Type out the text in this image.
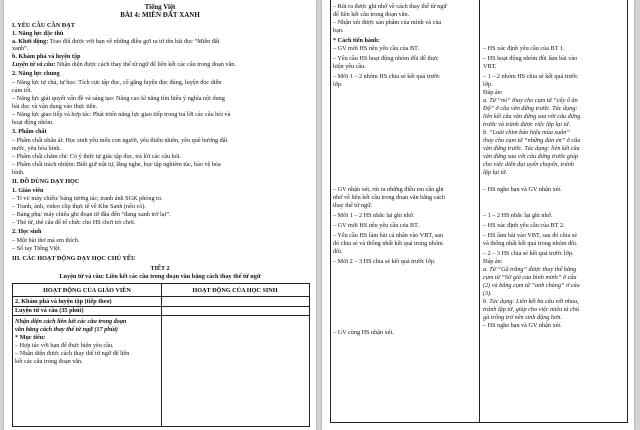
Tiếng Việt
BÀI 4: MIỀN ĐẤT XANH
I. YÊU CẦU CẦN ĐẠT
1. Năng lực đặc thù
a. Khởi động: Trao đổi được với bạn về những điều gợi ra từ tên bài đọc “Miền đất
xanh”.
b. Khám phá và luyện tập
Luyện từ và câu: Nhận diện được cách thay thế từ ngữ để liên kết các câu trong đoạn văn.
2. Năng lực chung
– Năng lực tự chủ, tự học: Tích cực tập đọc, cố gắng luyện đọc đúng, luyện đọc diễn
cảm tốt.
– Năng lực giải quyết vấn đề và sáng tạo: Nâng cao kĩ năng tìm hiểu ý nghĩa nội dung
bài đọc và vận dụng vào thực tiễn.
– Năng lực giao tiếp và hợp tác: Phát triển năng lực giao tiếp trong trả lời các câu hỏi và
hoạt động nhóm.
3. Phẩm chất
– Phẩm chất nhân ái: Học sinh yêu mến con người, yêu thiên nhiên, yêu quê hương đất
nước, yêu hòa bình.
– Phẩm chất chăm chỉ: Có ý thức tự giác tập đọc, trả lời các câu hỏi.
– Phẩm chất trách nhiệm: Biết giữ trật tự, lắng nghe, học tập nghiêm túc, bảo vệ hòa
bình.
II. ĐỒ DÙNG DẠY HỌC
1. Giáo viên
– Ti vi/ máy chiếu/ bảng tương tác; tranh ảnh SGK phóng to.
– Tranh, ảnh, video clip thực tế về Khe Sanh (nếu có).
– Bảng phụ/ máy chiếu ghi đoạn từ đầu đến “đang xanh trở lại”.
– Thẻ từ, thẻ câu để tổ chức cho HS chơi trò chơi.
2. Học sinh
– Một bài thơ mà em thích.
– Sổ tay Tiếng Việt.
III. CÁC HOẠT ĐỘNG DẠY HỌC CHỦ YẾU
TIẾT 2
Luyện từ và câu: Liên kết các câu trong đoạn văn bằng cách thay thế từ ngữ
HOẠT ĐỘNG CỦA GIÁO VIÊN	HOẠT ĐỘNG CỦA HỌC SINH
2. Khám phá và luyện tập (tiếp theo)
Luyện từ và câu (35 phút)
Nhận diện cách liên kết các câu trong đoạn
văn bằng cách thay thế từ ngữ (17 phút)
* Mục tiêu:
– Hợp tác với bạn để thực hiện yêu cầu.
– Nhận diện được cách thay thế từ ngữ để liên
kết các câu trong đoạn văn.
– Rút ra được ghi nhớ về cách thay thế từ ngữ
để liên kết câu trong đoạn văn.
– Nhận xét được sản phẩm của mình và của
bạn.
* Cách tiến hành:
– GV mời HS nêu yêu cầu của BT.
– Yêu cầu HS hoạt động nhóm đôi để thực
hiện yêu cầu.
– Mời 1 – 2 nhóm HS chia sẻ kết quả trước
lớp.
– GV nhận xét, rút ra những điều em cần ghi
nhớ về liên kết câu trong đoạn văn bằng cách
thay thế từ ngữ.
– Mời 1 – 2 HS nhắc lại ghi nhớ.
– GV mời HS nêu yêu cầu của BT.
– Yêu cầu HS làm bài cá nhân vào VBT, sau
đó chia sẻ và thống nhất kết quả trong nhóm
đôi.
– Mời 2 – 3 HS chia sẻ kết quả trước lớp.
– GV cùng HS nhận xét.
– HS xác định yêu cầu của BT 1.
– HS hoạt động nhóm đôi làm bài vào
VBT.
– 1 – 2 nhóm HS chia sẻ kết quả trước
lớp.
Đáp án:
a. Từ “nó” thay cho cụm từ “cây ổ ăn
Độ” ở câu văn đứng trước. Tác dụng:
liên kết câu văn đứng sau với câu đứng
trước và tránh được việc lặp lại từ.
b. “Loài chim báo hiệu mùa xuân”
thay cho cụm từ “những đàn én” ở câu
văn đứng trước. Tác dụng: liên kết câu
văn đứng sau với câu đứng trước giúp
cho việc diễn đạt uyển chuyển, tránh
lặp lại từ.
– HS nghe bạn và GV nhận xét.
– 1 – 2 HS nhắc lại ghi nhớ.
– HS xác định yêu cầu của BT 2.
– HS làm bài vào VBT, sau đó chia sẻ
và thống nhất kết quả trong nhóm đôi.
– 2 – 3 HS chia sẻ kết quả trước lớp.
Đáp án:
a. Từ “Gã trắng” được thay thế bằng
cụm từ “Sờ giá của bình minh” ở câu
(2) và bằng cụm từ “anh chàng” ở câu
(3).
b. Tác dụng: Liên kết ba câu với nhau,
tránh lặp từ, giúp cho việc miêu tả chú
gà trống trở nên sinh động hơn.
– HS nghe bạn và GV nhận xét.
